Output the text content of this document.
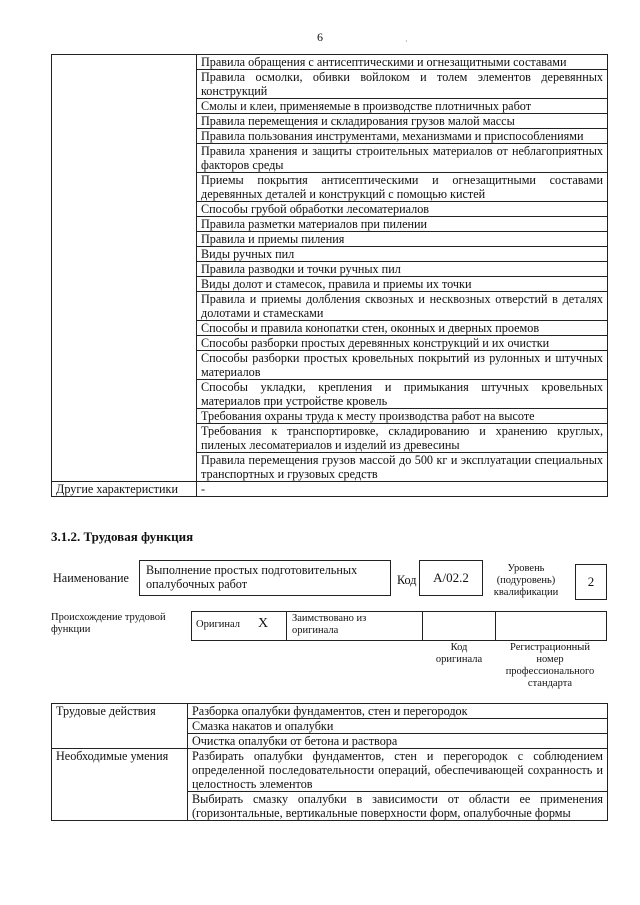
6	·
	Правила обращения с антисептическими и огнезащитными составами
	Правила осмолки, обивки войлоком и толем элементов деревянных конструкций
	Смолы и клеи, применяемые в производстве плотничных работ
	Правила перемещения и складирования грузов малой массы
	Правила пользования инструментами, механизмами и приспособлениями
	Правила хранения и защиты строительных материалов от неблагоприятных факторов среды
	Приемы покрытия антисептическими и огнезащитными составами деревянных деталей и конструкций с помощью кистей
	Способы грубой обработки лесоматериалов
	Правила разметки материалов при пилении
	Правила и приемы пиления
	Виды ручных пил
	Правила разводки и точки ручных пил
	Виды долот и стамесок, правила и приемы их точки
	Правила и приемы долбления сквозных и несквозных отверстий в деталях долотами и стамесками
	Способы и правила конопатки стен, оконных и дверных проемов
	Способы разборки простых деревянных конструкций и их очистки
	Способы разборки простых кровельных покрытий из рулонных и штучных материалов
	Способы укладки, крепления и примыкания штучных кровельных материалов при устройстве кровель
	Требования охраны труда к месту производства работ на высоте
	Требования к транспортировке, складированию и хранению круглых, пиленых лесоматериалов и изделий из древесины
	Правила перемещения грузов массой до 500 кг и эксплуатации специальных транспортных и грузовых средств
Другие характеристики	-
3.1.2. Трудовая функция
Наименование
Выполнение простых подготовительных опалубочных работ	Код	A/02.2
Уровень (подуровень) квалификации
2
Происхождение трудовой функции	Оригинал X Заимствовано из оригинала
Код оригинала
Регистрационный номер профессионального стандарта
Трудовые действия	Разборка опалубки фундаментов, стен и перегородок
	Смазка накатов и опалубки
	Очистка опалубки от бетона и раствора
Необходимые умения	Разбирать опалубки фундаментов, стен и перегородок с соблюдением определенной последовательности операций, обеспечивающей сохранность и целостность элементов
	Выбирать смазку опалубки в зависимости от области ее применения (горизонтальные, вертикальные поверхности форм, опалубочные формы
